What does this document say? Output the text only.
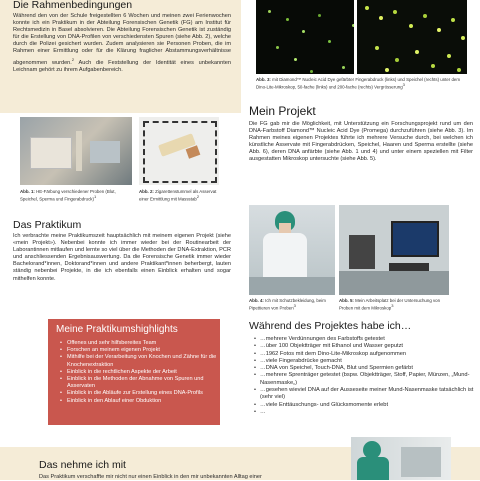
Die Rahmenbedingungen

Während den von der Schule freigestellten 6 Wochen und meinen zwei Ferienwochen konnte ich ein Praktikum in der Abteilung Forensischen Genetik (FG) am Institut für Rechtsmedizin in Basel absolvieren. Die Abteilung Forensischen Genetik ist zuständig für die Erstellung von DNA-Profilen von verschiedensten Spuren (siehe Abb. 2), welche durch die Polizei gesichert wurden. Zudem analysieren sie Personen Proben, die im Rahmen einer Ermittlung oder für die Klärung fraglicher Abstammungsverhältnisse abgenommen wurden.$^2$ Auch die Feststellung der Identität eines unbekannten Leichnam gehört zu ihrem Aufgabenbereich.

Abb. 1: HE-Färbung verschiedener Proben (Blut, Speichel, Sperma und Fingerabdruck)1
Abb. 2: Zigarettenstummel als Asservat einer Ermittlung mit Massstab2
Das Praktikum

Ich verbrachte meine Praktikumszeit hauptsächlich mit meinem eigenen Projekt (siehe «mein Projekt»). Nebenbei konnte ich immer wieder bei der Routinearbeit der Laborantinnen mitlaufen und lernte so viel über die Methoden der DNA-Extraktion, PCR und anschliessenden Ergebnisauswertung. Da die Forensische Genetik immer wieder Bachelorand*innen, Doktorand*innen und andere Praktikant*innen beherbergt, lauten ständig nebenbei Projekte, in die ich ebenfalls einen Einblick erhalten und sogar mithelfen konnte.

Meine Praktikumshighlights
• Offenes und sehr hilfsbereites Team
• Forschen an meinem eigenen Projekt
• Mithilfe bei der Verarbeitung von Knochen und Zähne für die Knochenextraktion
• Einblick in die rechtlichen Aspekte der Arbeit
• Einblick in die Methoden der Abnahme von Spuren und Asservaten
• Einblick in die Abläufe zur Erstellung eines DNA-Profils
• Einblick in den Ablauf einer Obduktion
Das nehme ich mit

Das Praktikum verschaffte mir nicht nur einen Einblick in den mir unbekannten Alltag einer

Abb. 3: mit Diamond™ Nucleic Acid Dye gefärbter Fingerabdruck (links) und Speichel (rechts) unter dem Dino-Lite-Mikroskop, 50-fache (links) und 200-fache (rechts) Vergrösserung3
Mein Projekt

Die FG gab mir die Möglichkeit, mit Unterstützung ein Forschungsprojekt rund um den DNA-Farbstoff Diamond™ Nucleic Acid Dye (Promega) durchzuführen (siehe Abb. 3). Im Rahmen meines eigenen Projektes führte ich mehrere Versuche durch, bei welchen ich künstliche Asservate mit Fingerabdrücken, Speichel, Haaren und Sperma erstellte (siehe Abb. 6), deren DNA anfärbte (siehe Abb. 1 und 4) und unter einem speziellen mit Filter ausgestatten Mikroskop untersuchte (siehe Abb. 5).

Abb. 4: Ich mit Schutzbekleidung, beim Pipettieren von Proben3
Abb. 5: Mein Arbeitsplatz bei der Untersuchung von Proben mit dem Mikroskop3
Während des Projektes habe ich…
• …mehrere Verdünnungen des Farbstoffs getestet
• …über 100 Objektträger mit Ethanol und Wasser geputzt
• …1962 Fotos mit dem Dino-Lite-Mikroskop aufgenommen
• …viele Fingerabdrücke gemacht
• …DNA von Speichel, Touch-DNA, Blut und Spermien gefärbt
• …mehrere Sprenträger getestet (bspw. Objektträger, Stoff, Papier, Münzen, „Mund- Nasenmaske„)
• …gesehen wieviel DNA auf der Ausseseite meiner Mund-Nasenmaske tatsächlich ist (sehr viel)
• …viele Enttäuschungs- und Glücksmomente erlebt
• …
